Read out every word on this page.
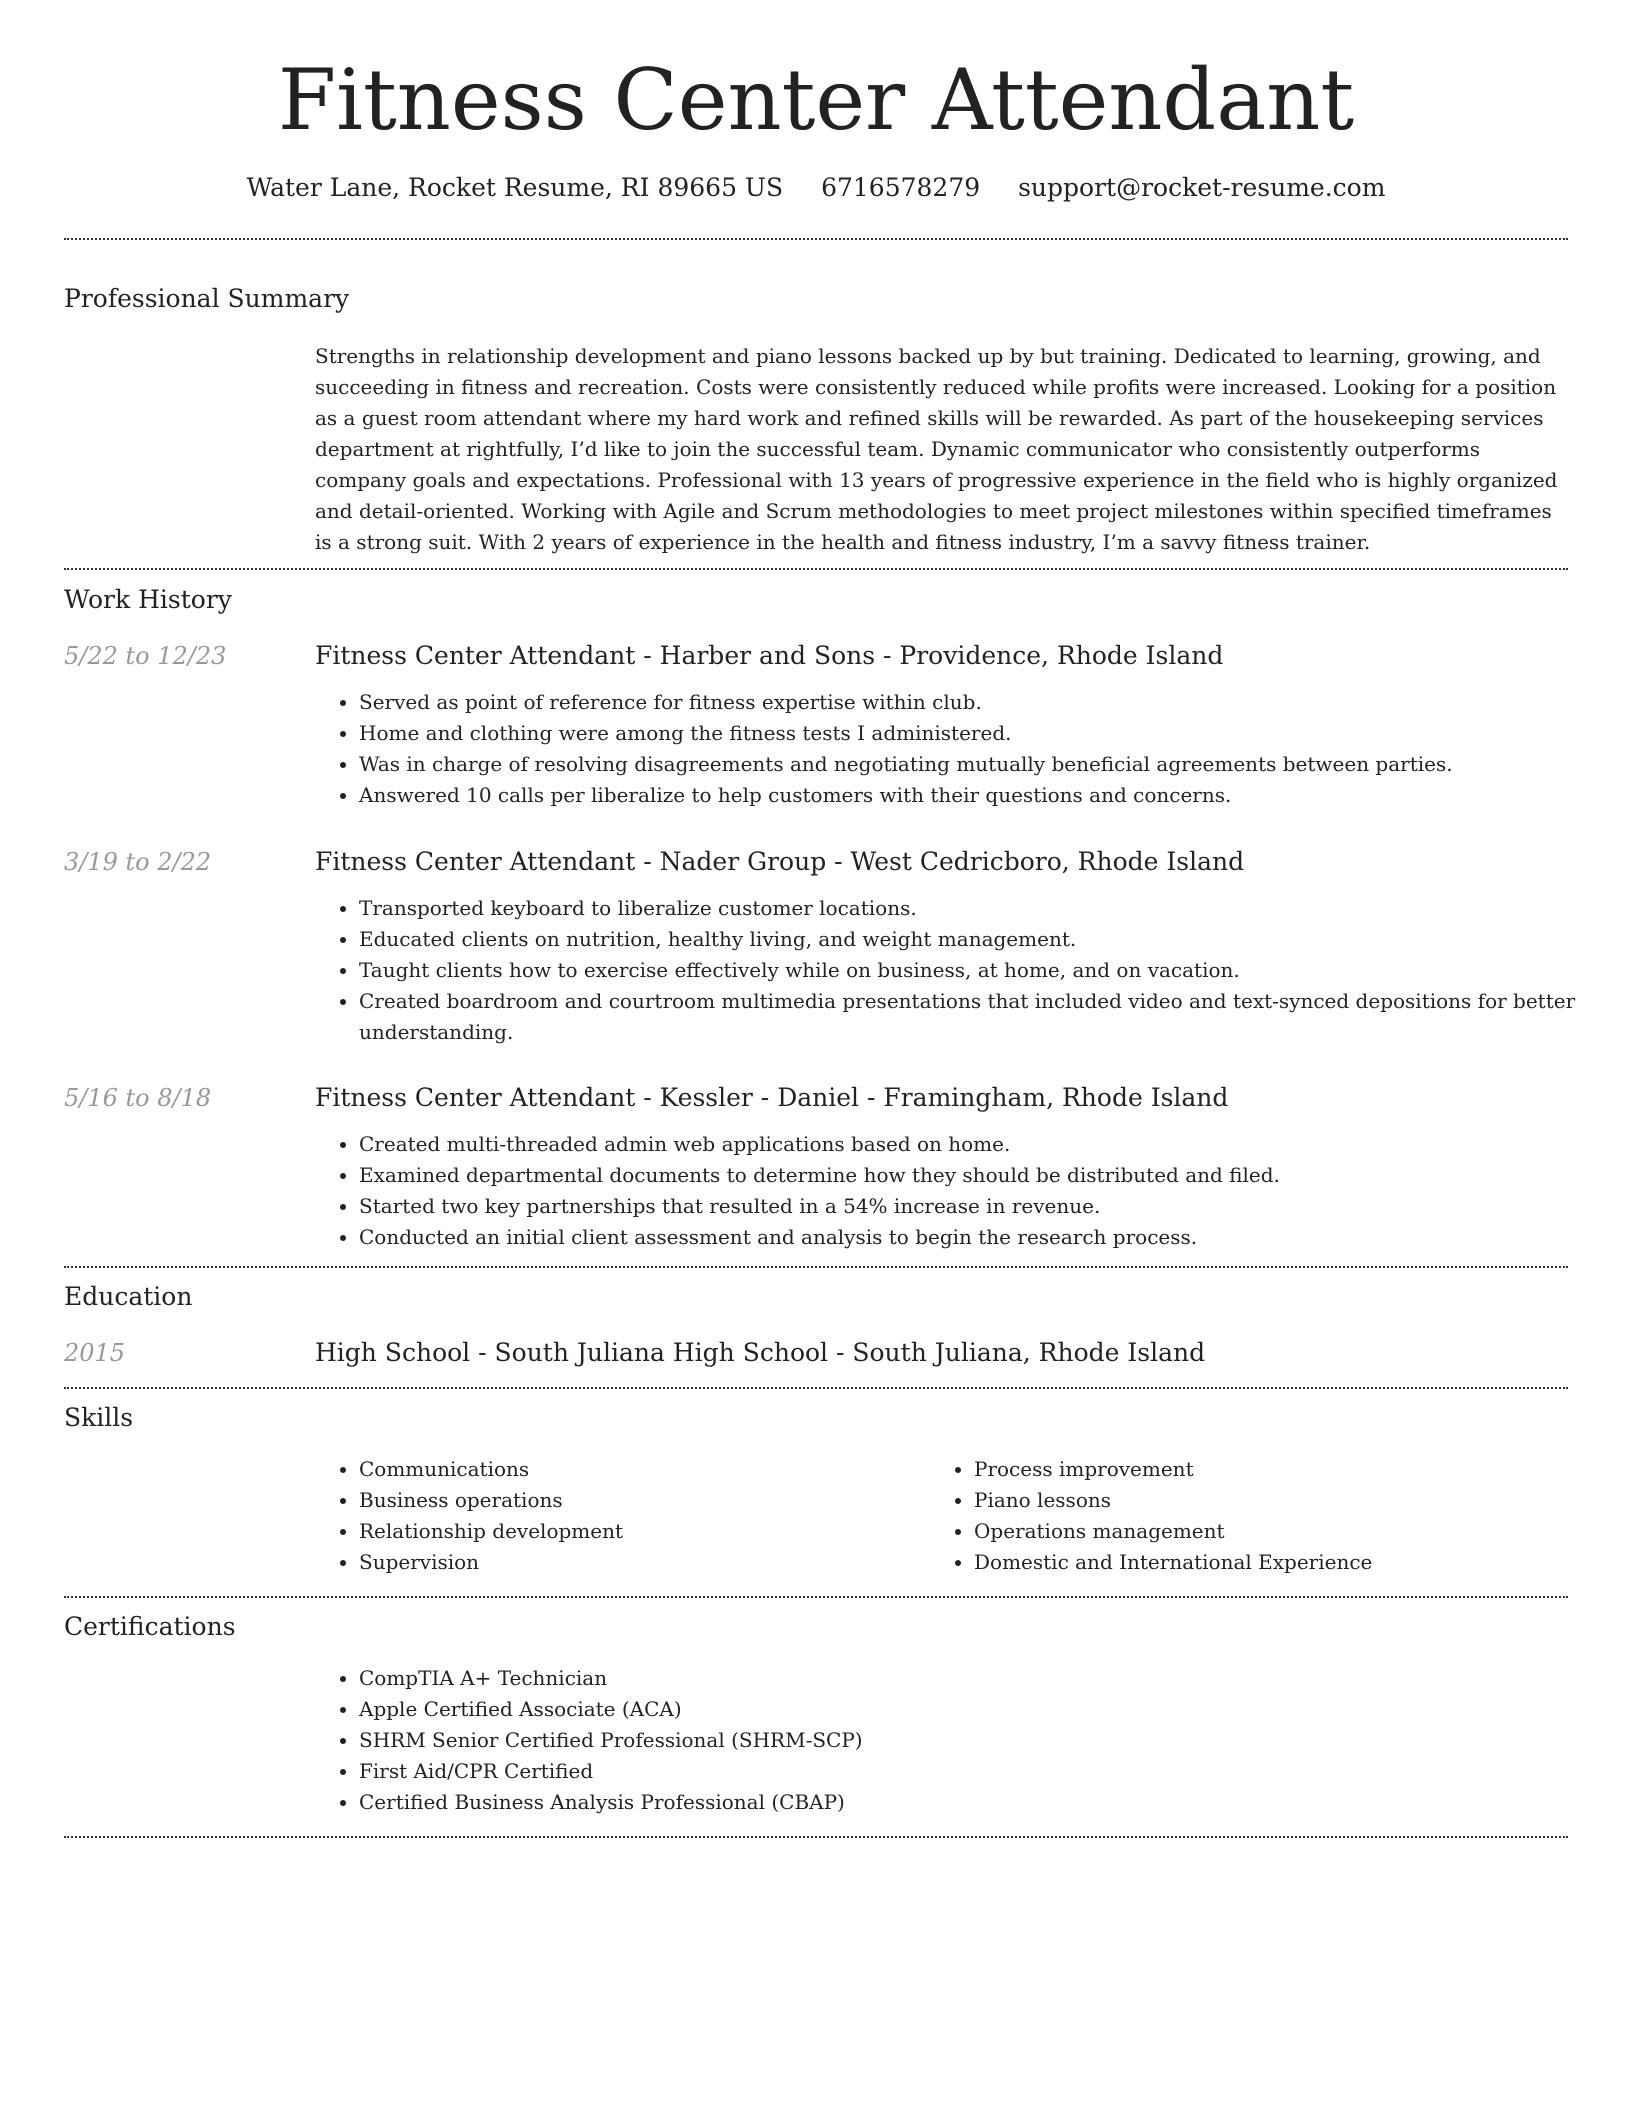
Fitness Center Attendant
Water Lane, Rocket Resume, RI 89665 US 6716578279 support@rocket-resume.com
Professional Summary

Strengths in relationship development and piano lessons backed up by but training. Dedicated to learning, growing, and succeeding in fitness and recreation. Costs were consistently reduced while profits were increased. Looking for a position as a guest room attendant where my hard work and refined skills will be rewarded. As part of the housekeeping services department at rightfully, I’d like to join the successful team. Dynamic communicator who consistently outperforms company goals and expectations. Professional with 13 years of progressive experience in the field who is highly organized and detail-oriented. Working with Agile and Scrum methodologies to meet project milestones within specified timeframes is a strong suit. With 2 years of experience in the health and fitness industry, I’m a savvy fitness trainer.

Work History
5/22 to 12/23	Fitness Center Attendant - Harber and Sons - Providence, Rhode Island
• Served as point of reference for fitness expertise within club.
• Home and clothing were among the fitness tests I administered.
• Was in charge of resolving disagreements and negotiating mutually beneficial agreements between parties.
• Answered 10 calls per liberalize to help customers with their questions and concerns.
3/19 to 2/22	Fitness Center Attendant - Nader Group - West Cedricboro, Rhode Island
• Transported keyboard to liberalize customer locations.
• Educated clients on nutrition, healthy living, and weight management.
• Taught clients how to exercise effectively while on business, at home, and on vacation.
• Created boardroom and courtroom multimedia presentations that included video and text-synced depositions for better understanding.
5/16 to 8/18	Fitness Center Attendant - Kessler - Daniel - Framingham, Rhode Island
• Created multi-threaded admin web applications based on home.
• Examined departmental documents to determine how they should be distributed and filed.
• Started two key partnerships that resulted in a 54% increase in revenue.
• Conducted an initial client assessment and analysis to begin the research process.
Education
2015	High School - South Juliana High School - South Juliana, Rhode Island
Skills
• Communications
• Business operations
• Relationship development
• Supervision
• Process improvement
• Piano lessons
• Operations management
• Domestic and International Experience
Certifications
• CompTIA A+ Technician
• Apple Certified Associate (ACA)
• SHRM Senior Certified Professional (SHRM-SCP)
• First Aid/CPR Certified
• Certified Business Analysis Professional (CBAP)
